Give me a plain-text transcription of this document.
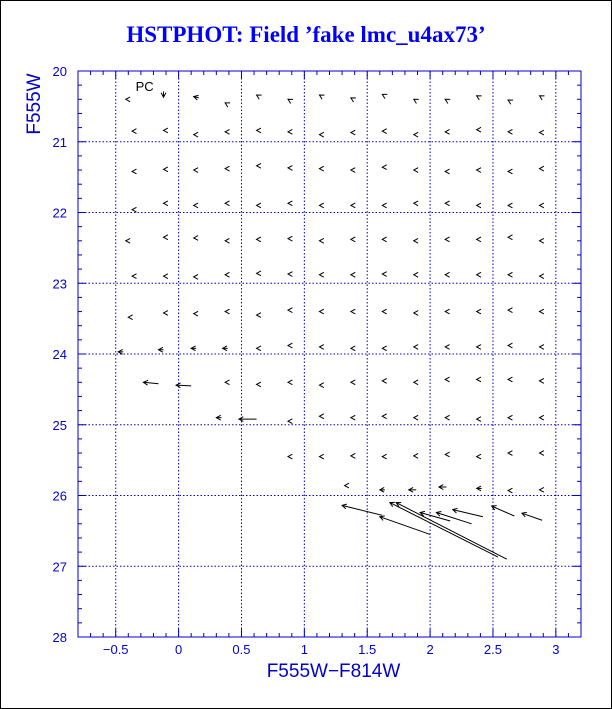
HSTPHOT: Field ’fake lmc_u4ax73’
−0.5	0	0.5	1	1.5	2	2.5	3
20
21
22
23
24
25
26
27
28
F555W−F814W
F555W	PC
